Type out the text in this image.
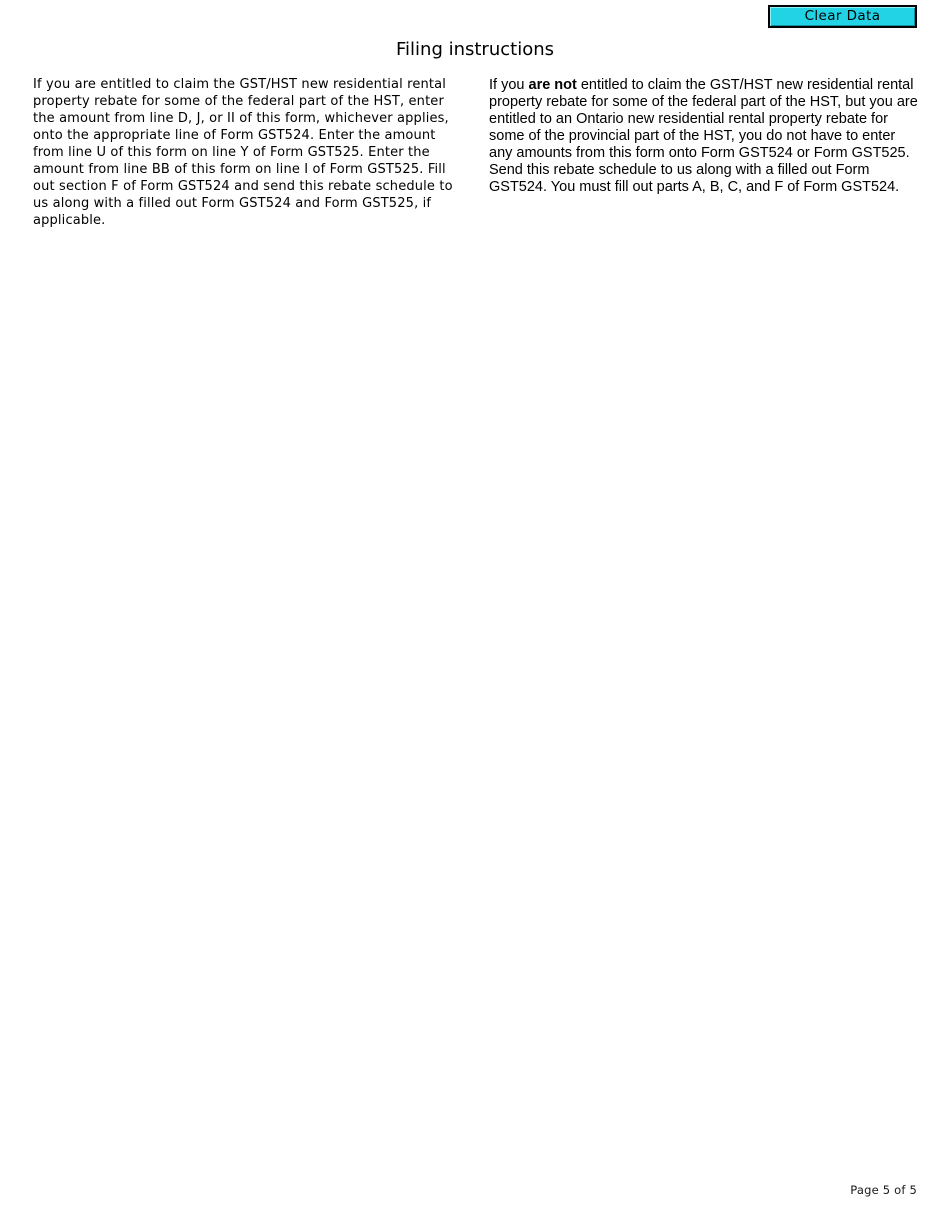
Clear Data
Filing instructions

If you are entitled to claim the GST/HST new residential rental property rebate for some of the federal part of the HST, enter the amount from line D, J, or II of this form, whichever applies, onto the appropriate line of Form GST524. Enter the amount from line U of this form on line Y of Form GST525. Enter the amount from line BB of this form on line I of Form GST525. Fill out section F of Form GST524 and send this rebate schedule to us along with a filled out Form GST524 and Form GST525, if applicable.

If you are not entitled to claim the GST/HST new residential rental property rebate for some of the federal part of the HST, but you are entitled to an Ontario new residential rental property rebate for some of the provincial part of the HST, you do not have to enter any amounts from this form onto Form GST524 or Form GST525. Send this rebate schedule to us along with a filled out Form GST524. You must fill out parts A, B, C, and F of Form GST524.

Page 5 of 5
